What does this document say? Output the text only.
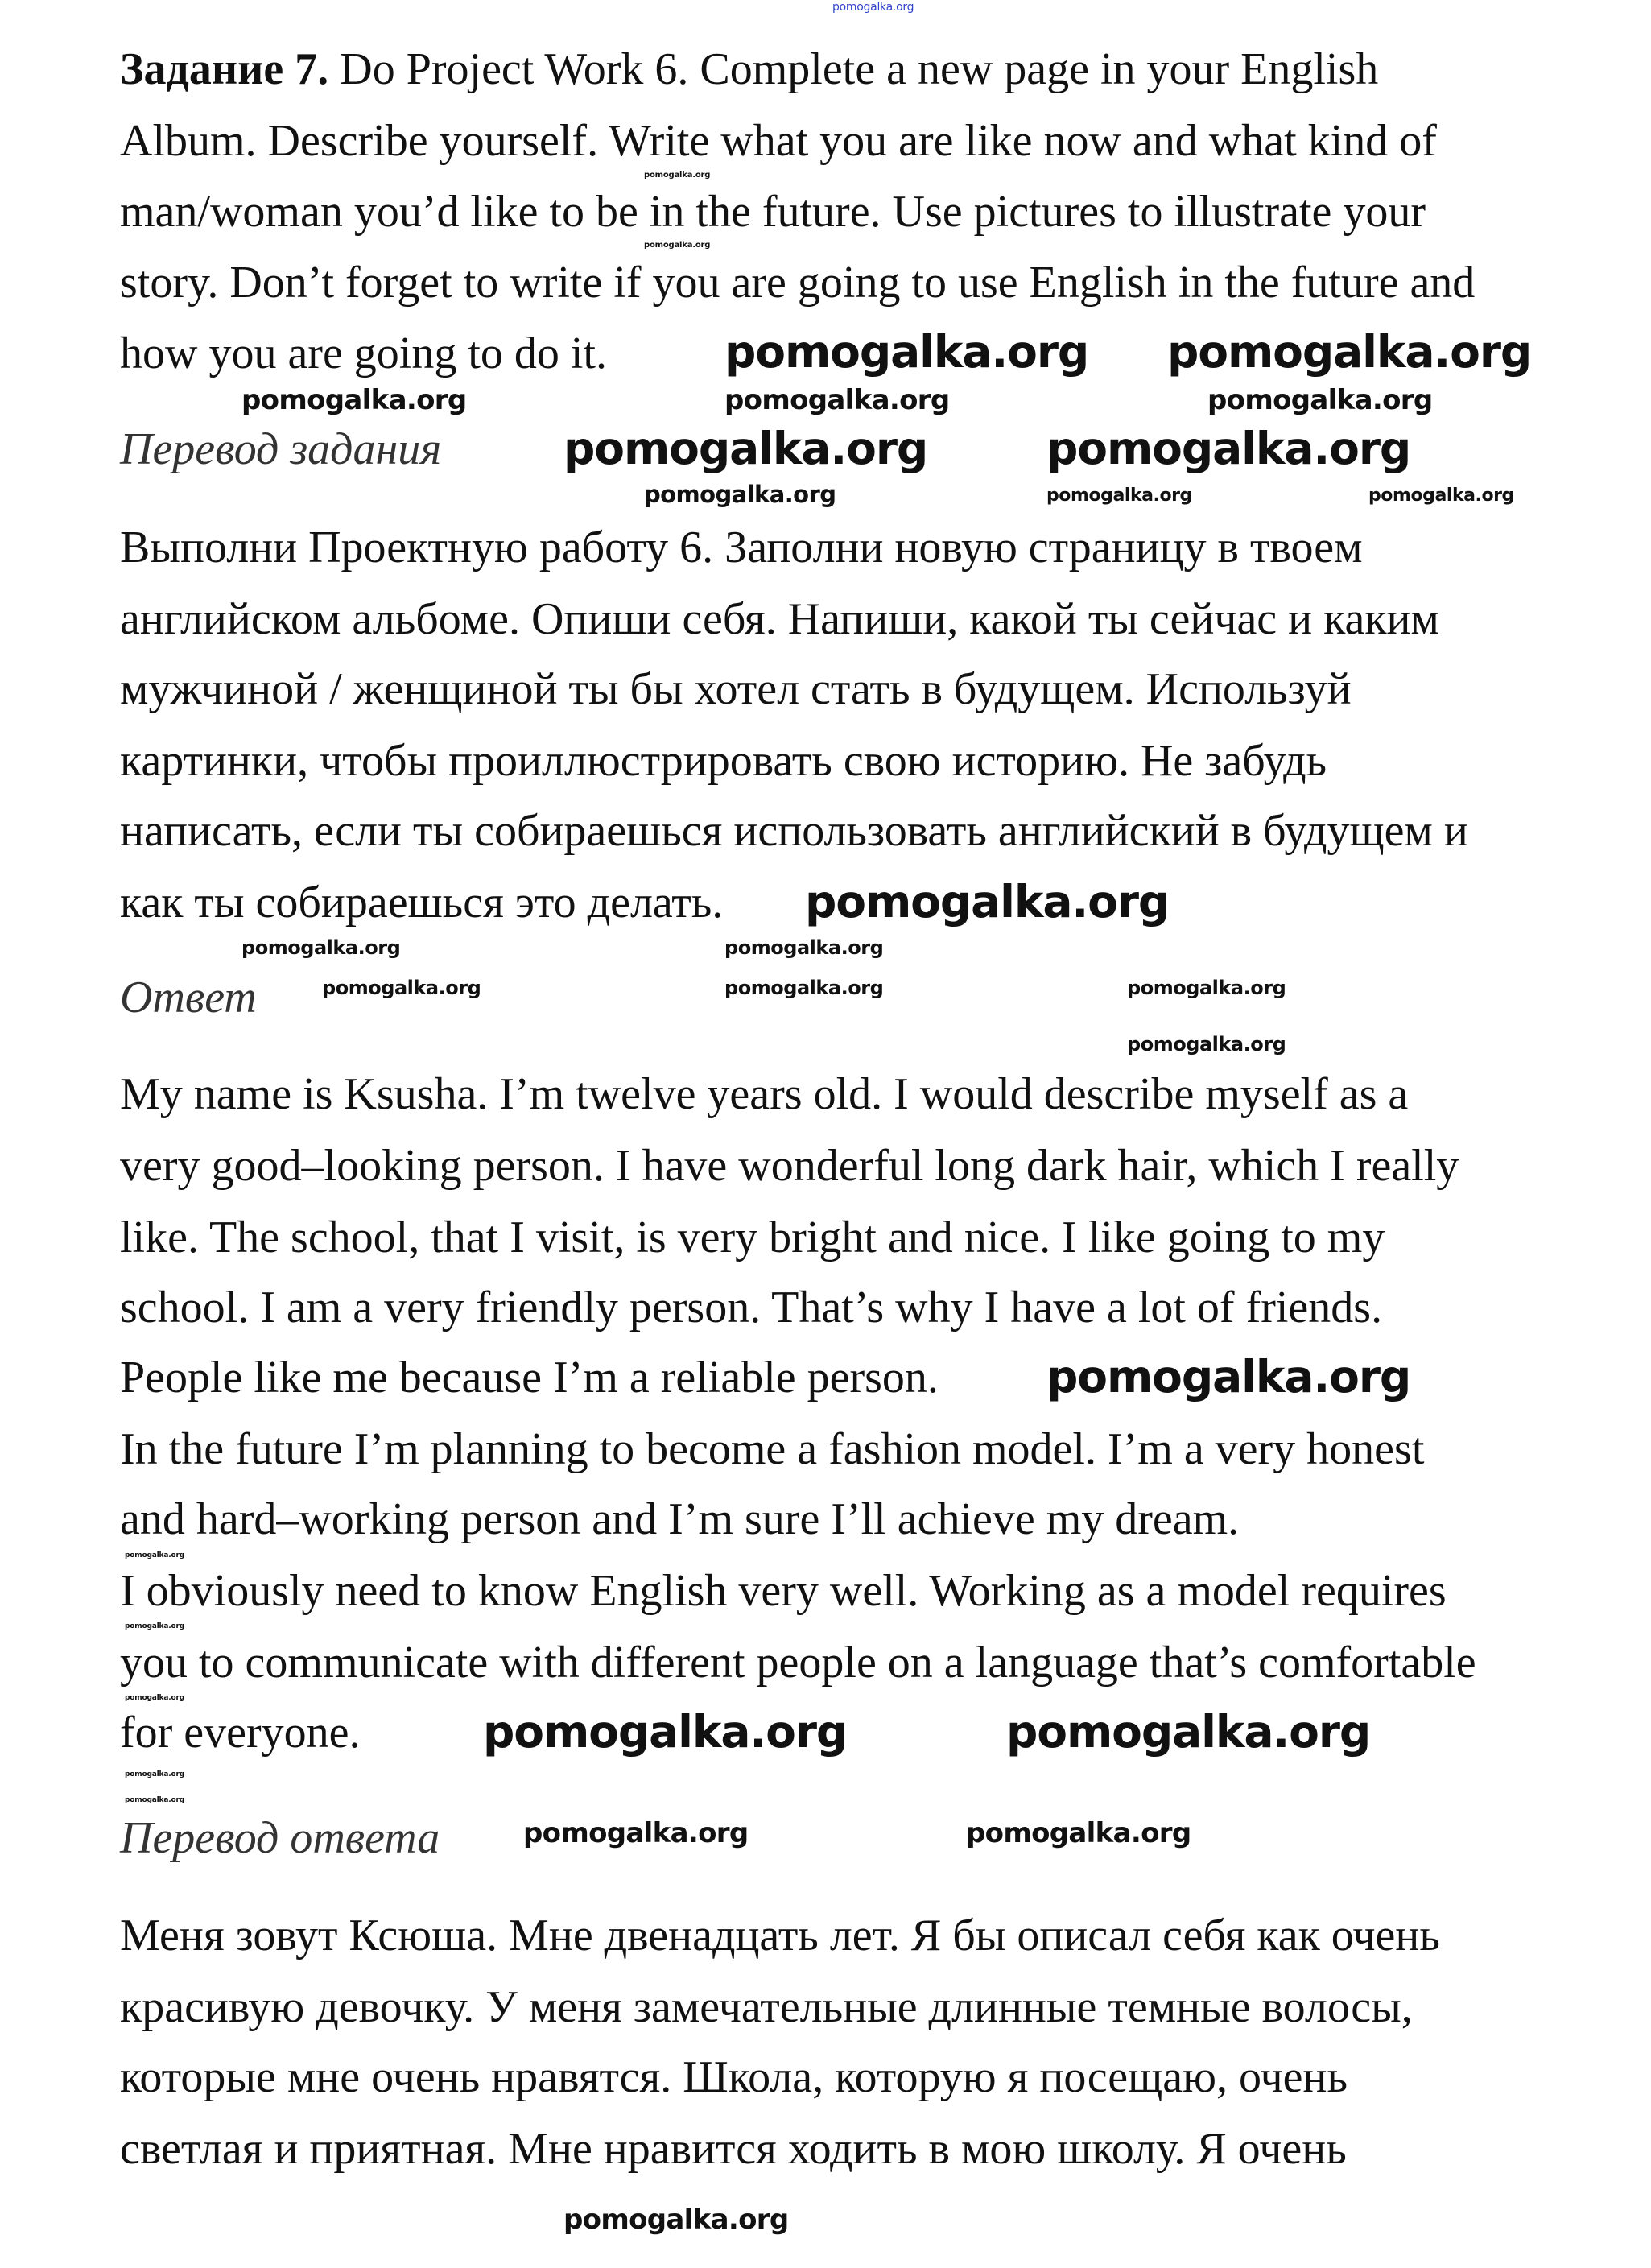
Задание 7. Do Project Work 6. Complete a new page in your English
Album. Describe yourself. Write what you are like now and what kind of
man/woman you’d like to be in the future. Use pictures to illustrate your
story. Don’t forget to write if you are going to use English in the future and
how you are going to do it.
Перевод задания
Выполни Проектную работу 6. Заполни новую страницу в твоем
английском альбоме. Опиши себя. Напиши, какой ты сейчас и каким
мужчиной / женщиной ты бы хотел стать в будущем. Используй
картинки, чтобы проиллюстрировать свою историю. Не забудь
написать, если ты собираешься использовать английский в будущем и
как ты собираешься это делать.
Ответ
My name is Ksusha. I’m twelve years old. I would describe myself as a
very good–looking person. I have wonderful long dark hair, which I really
like. The school, that I visit, is very bright and nice. I like going to my
school. I am a very friendly person. That’s why I have a lot of friends.
People like me because I’m a reliable person.
In the future I’m planning to become a fashion model. I’m a very honest
and hard–working person and I’m sure I’ll achieve my dream.
I obviously need to know English very well. Working as a model requires
you to communicate with different people on a language that’s comfortable
for everyone.
Перевод ответа
Меня зовут Ксюша. Мне двенадцать лет. Я бы описал себя как очень
красивую девочку. У меня замечательные длинные темные волосы,
которые мне очень нравятся. Школа, которую я посещаю, очень
светлая и приятная. Мне нравится ходить в мою школу. Я очень
pomogalka.org
pomogalka.org
pomogalka.org	pomogalka.org	pomogalka.org
pomogalka.org	pomogalka.org	pomogalka.org
pomogalka.org pomogalka.org
pomogalka.org	pomogalka.org
pomogalka.org
pomogalka.org
pomogalka.org	pomogalka.org
pomogalka.org	pomogalka.org	pomogalka.org
pomogalka.org	pomogalka.org
pomogalka.org
pomogalka.org
pomogalka.org
pomogalka.org
pomogalka.org
pomogalka.org
pomogalka.org	pomogalka.org
pomogalka.org
pomogalka.org
